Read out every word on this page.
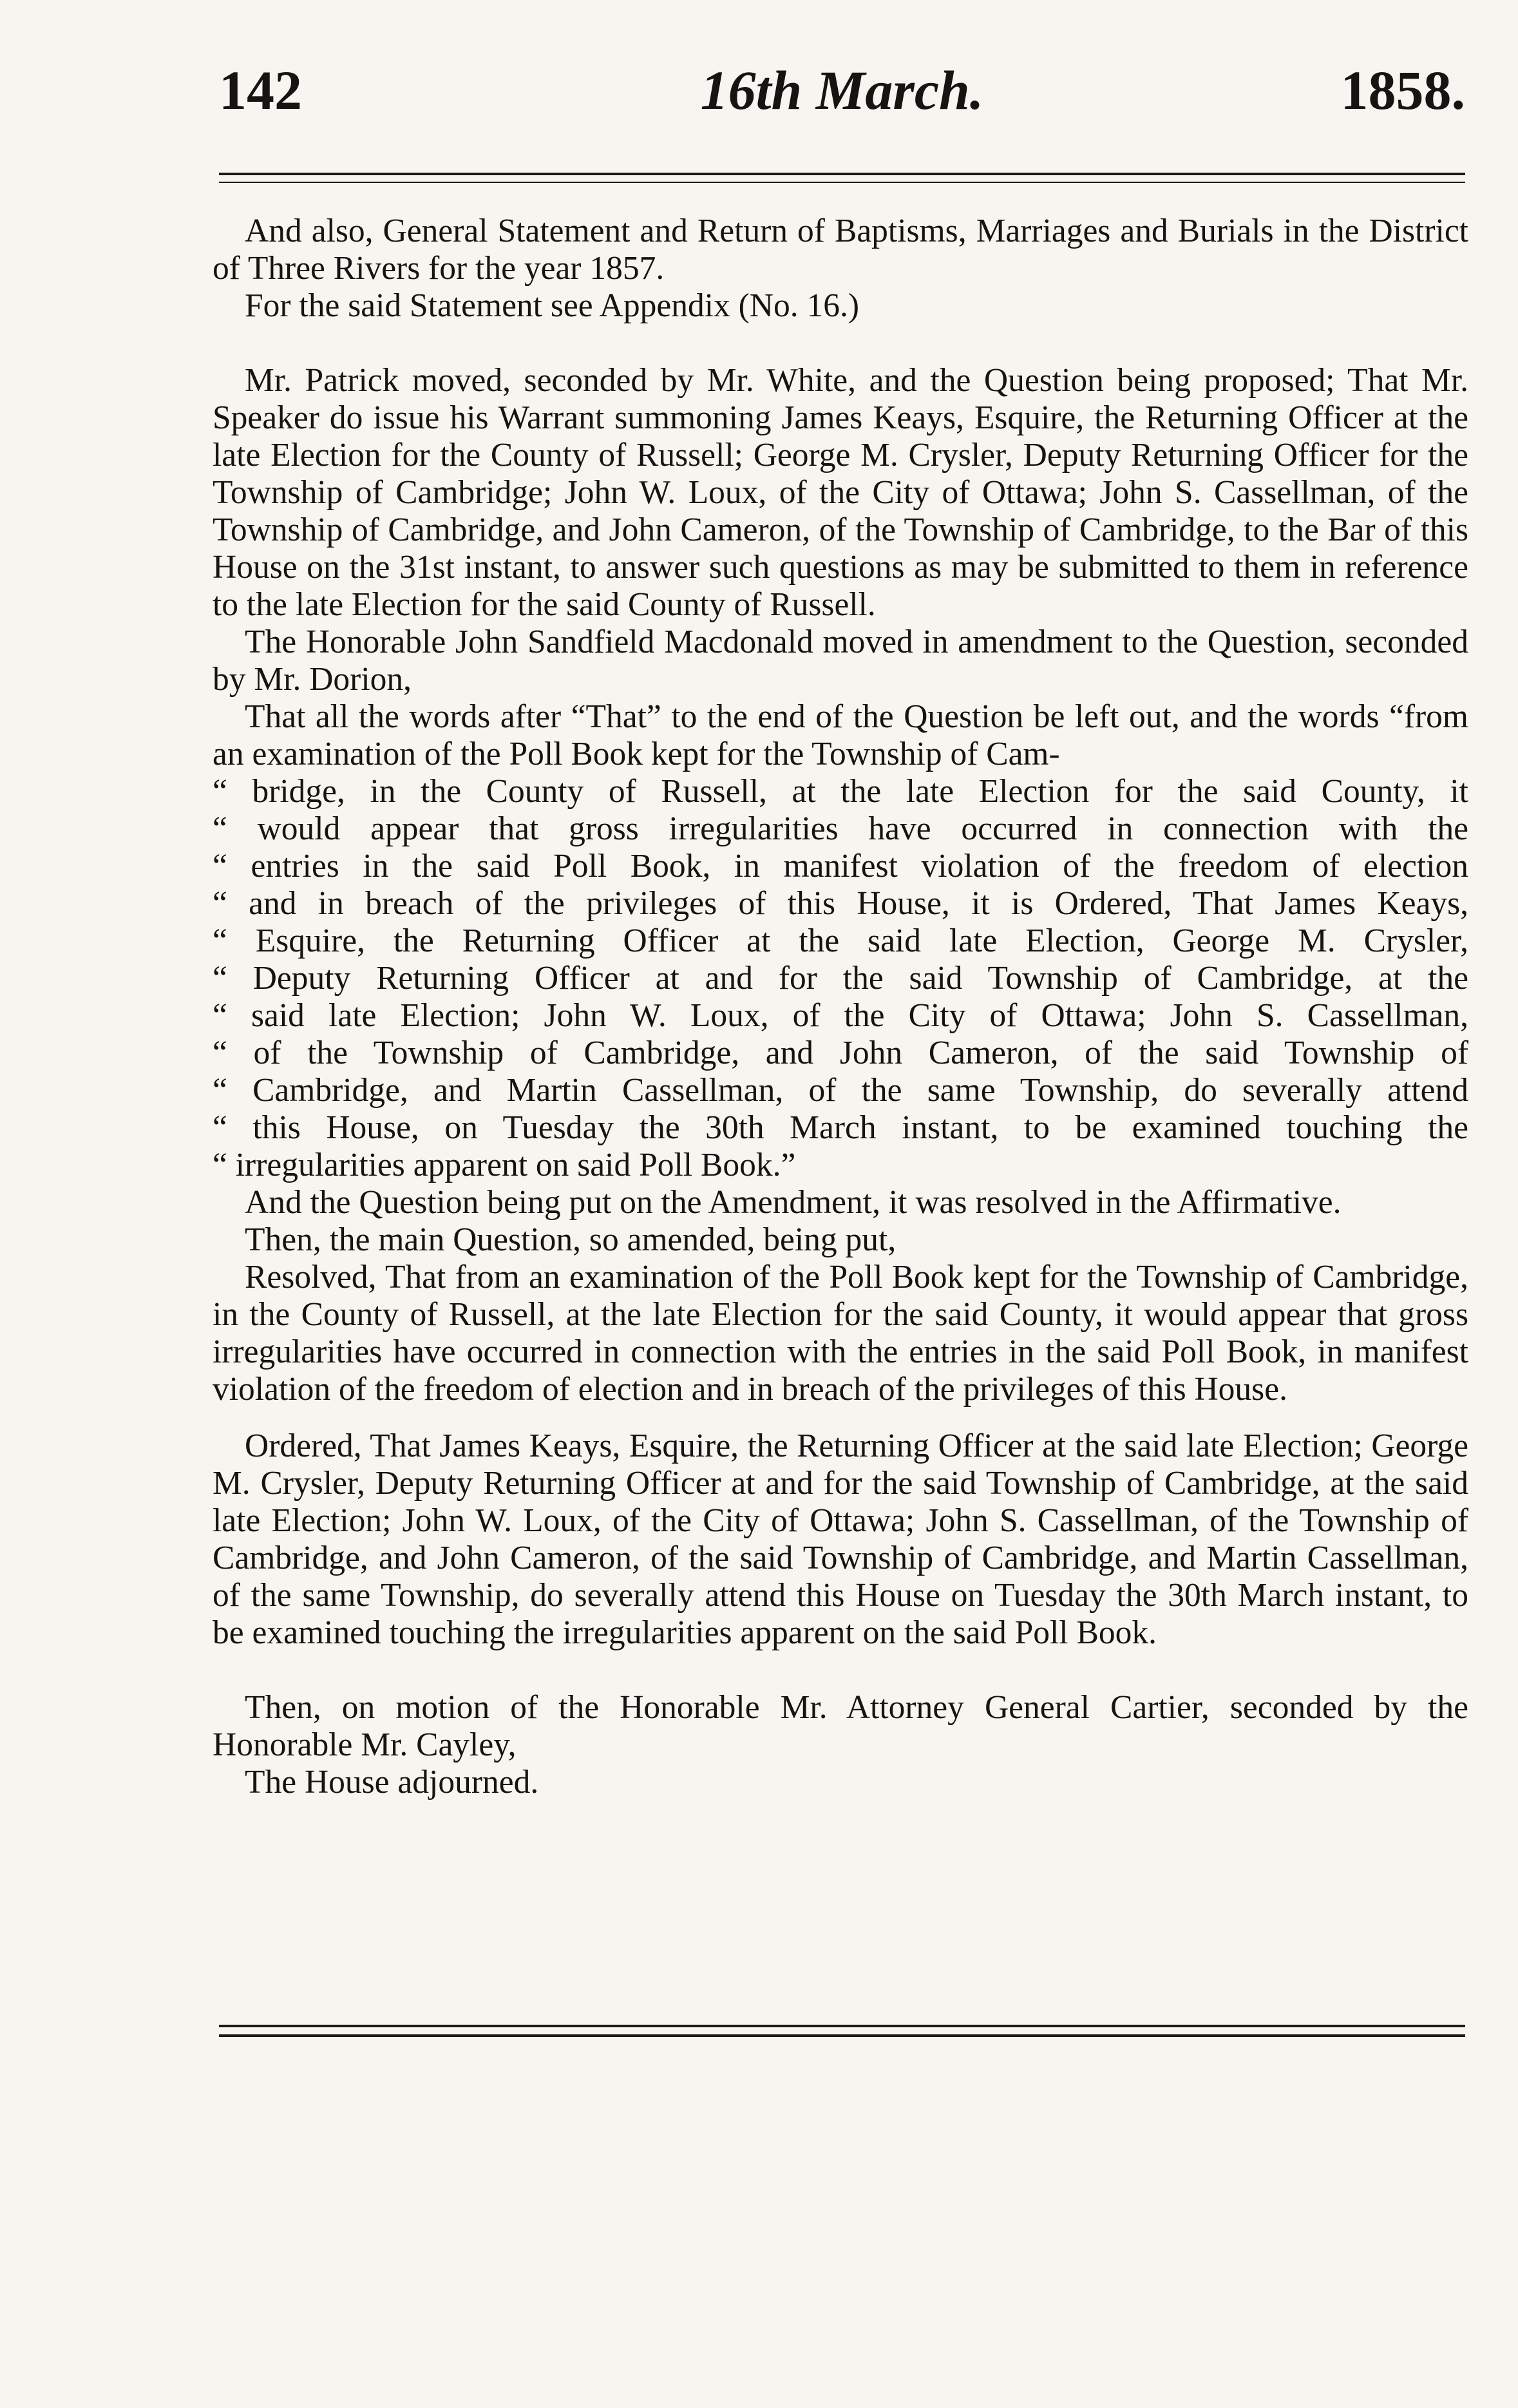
142	16th March.	1858.

And also, General Statement and Return of Baptisms, Marriages and Burials in the District of Three Rivers for the year 1857.

For the said Statement see Appendix (No. 16.)

Mr. Patrick moved, seconded by Mr. White, and the Question being proposed; That Mr. Speaker do issue his Warrant summoning James Keays, Esquire, the Returning Officer at the late Election for the County of Russell; George M. Crysler, Deputy Returning Officer for the Township of Cambridge; John W. Loux, of the City of Ottawa; John S. Cassellman, of the Township of Cambridge, and John Cameron, of the Township of Cambridge, to the Bar of this House on the 31st instant, to answer such questions as may be submitted to them in reference to the late Election for the said County of Russell.

The Honorable John Sandfield Macdonald moved in amendment to the Question, seconded by Mr. Dorion,

That all the words after “That” to the end of the Question be left out, and the words “from an examination of the Poll Book kept for the Township of Cam-

“ bridge, in the County of Russell, at the late Election for the said County, it
“ would appear that gross irregularities have occurred in connection with the
“ entries in the said Poll Book, in manifest violation of the freedom of election
“ and in breach of the privileges of this House, it is Ordered, That James Keays,
“ Esquire, the Returning Officer at the said late Election, George M. Crysler,
“ Deputy Returning Officer at and for the said Township of Cambridge, at the
“ said late Election; John W. Loux, of the City of Ottawa; John S. Cassellman,
“ of the Township of Cambridge, and John Cameron, of the said Township of
“ Cambridge, and Martin Cassellman, of the same Township, do severally attend
“ this House, on Tuesday the 30th March instant, to be examined touching the
“ irregularities apparent on said Poll Book.”

And the Question being put on the Amendment, it was resolved in the Affirmative.

Then, the main Question, so amended, being put,

Resolved, That from an examination of the Poll Book kept for the Township of Cambridge, in the County of Russell, at the late Election for the said County, it would appear that gross irregularities have occurred in connection with the entries in the said Poll Book, in manifest violation of the freedom of election and in breach of the privileges of this House.

Ordered, That James Keays, Esquire, the Returning Officer at the said late Election; George M. Crysler, Deputy Returning Officer at and for the said Township of Cambridge, at the said late Election; John W. Loux, of the City of Ottawa; John S. Cassellman, of the Township of Cambridge, and John Cameron, of the said Township of Cambridge, and Martin Cassellman, of the same Township, do severally attend this House on Tuesday the 30th March instant, to be examined touching the irregularities apparent on the said Poll Book.

Then, on motion of the Honorable Mr. Attorney General Cartier, seconded by the Honorable Mr. Cayley,

The House adjourned.
